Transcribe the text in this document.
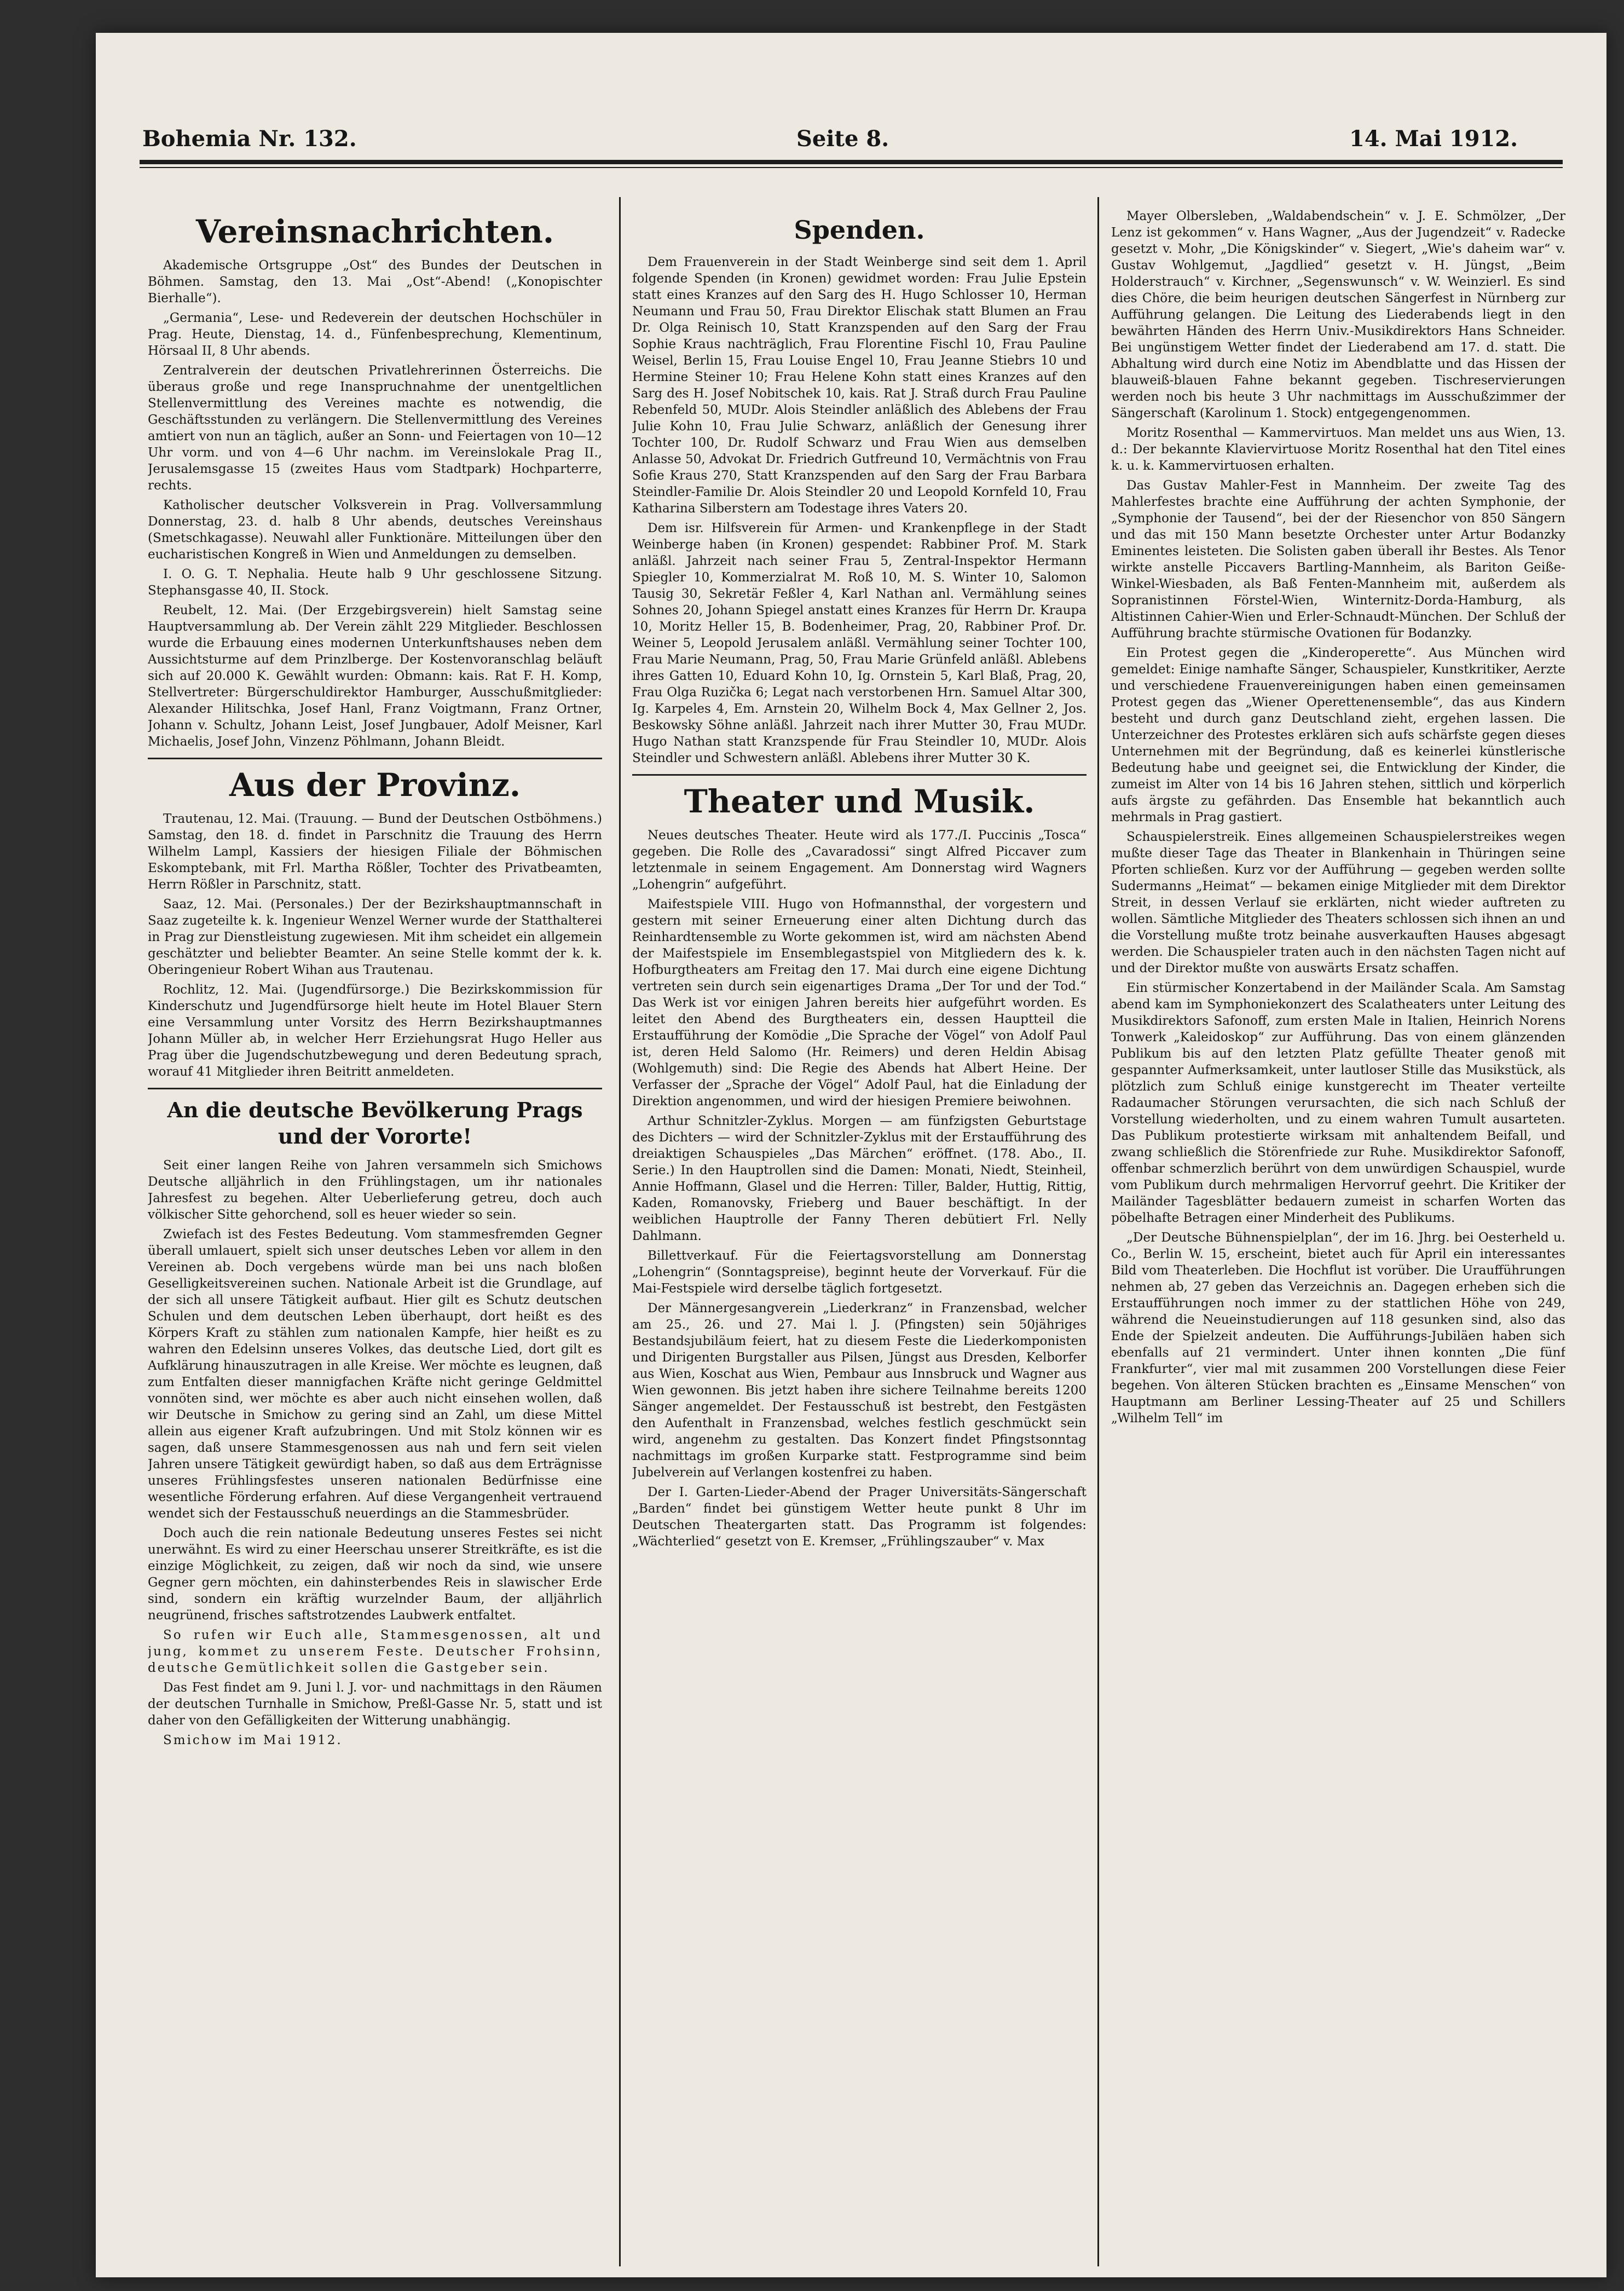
Bohemia Nr. 132.	Seite 8.	14. Mai 1912.

Vereinsnachrichten.

Akademische Ortsgruppe „Ost“ des Bundes der Deutschen in Böhmen. Samstag, den 13. Mai „Ost“-Abend! („Konopischter Bierhalle“).

„Germania“, Lese- und Redeverein der deutschen Hochschüler in Prag. Heute, Dienstag, 14. d., Fünfenbesprechung, Klementinum, Hörsaal II, 8 Uhr abends.

Zentralverein der deutschen Privatlehrerinnen Österreichs. Die überaus große und rege Inanspruchnahme der unentgeltlichen Stellenvermittlung des Vereines machte es notwendig, die Geschäftsstunden zu verlängern. Die Stellenvermittlung des Vereines amtiert von nun an täglich, außer an Sonn- und Feiertagen von 10—12 Uhr vorm. und von 4—6 Uhr nachm. im Vereinslokale Prag II., Jerusalemsgasse 15 (zweites Haus vom Stadtpark) Hochparterre, rechts.

Katholischer deutscher Volksverein in Prag. Vollversammlung Donnerstag, 23. d. halb 8 Uhr abends, deutsches Vereinshaus (Smetschkagasse). Neuwahl aller Funktionäre. Mitteilungen über den eucharistischen Kongreß in Wien und Anmeldungen zu demselben.

I. O. G. T. Nephalia. Heute halb 9 Uhr geschlossene Sitzung. Stephansgasse 40, II. Stock.

Reubelt, 12. Mai. (Der Erzgebirgsverein) hielt Samstag seine Hauptversammlung ab. Der Verein zählt 229 Mitglieder. Beschlossen wurde die Erbauung eines modernen Unterkunftshauses neben dem Aussichtsturme auf dem Prinzlberge. Der Kostenvoranschlag beläuft sich auf 20.000 K. Gewählt wurden: Obmann: kais. Rat F. H. Komp, Stellvertreter: Bürgerschuldirektor Hamburger, Ausschußmitglieder: Alexander Hilitschka, Josef Hanl, Franz Voigtmann, Franz Ortner, Johann v. Schultz, Johann Leist, Josef Jungbauer, Adolf Meisner, Karl Michaelis, Josef John, Vinzenz Pöhlmann, Johann Bleidt.

Aus der Provinz.

Trautenau, 12. Mai. (Trauung. — Bund der Deutschen Ostböhmens.) Samstag, den 18. d. findet in Parschnitz die Trauung des Herrn Wilhelm Lampl, Kassiers der hiesigen Filiale der Böhmischen Eskomptebank, mit Frl. Martha Rößler, Tochter des Privatbeamten, Herrn Rößler in Parschnitz, statt.

Saaz, 12. Mai. (Personales.) Der der Bezirkshauptmannschaft in Saaz zugeteilte k. k. Ingenieur Wenzel Werner wurde der Statthalterei in Prag zur Dienstleistung zugewiesen. Mit ihm scheidet ein allgemein geschätzter und beliebter Beamter. An seine Stelle kommt der k. k. Oberingenieur Robert Wihan aus Trautenau.

Rochlitz, 12. Mai. (Jugendfürsorge.) Die Bezirkskommission für Kinderschutz und Jugendfürsorge hielt heute im Hotel Blauer Stern eine Versammlung unter Vorsitz des Herrn Bezirkshauptmannes Johann Müller ab, in welcher Herr Erziehungsrat Hugo Heller aus Prag über die Jugendschutzbewegung und deren Bedeutung sprach, worauf 41 Mitglieder ihren Beitritt anmeldeten.

An die deutsche Bevölkerung Prags und der Vororte!

Seit einer langen Reihe von Jahren versammeln sich Smichows Deutsche alljährlich in den Frühlingstagen, um ihr nationales Jahresfest zu begehen. Alter Ueberlieferung getreu, doch auch völkischer Sitte gehorchend, soll es heuer wieder so sein.

Zwiefach ist des Festes Bedeutung. Vom stammesfremden Gegner überall umlauert, spielt sich unser deutsches Leben vor allem in den Vereinen ab. Doch vergebens würde man bei uns nach bloßen Geselligkeitsvereinen suchen. Nationale Arbeit ist die Grundlage, auf der sich all unsere Tätigkeit aufbaut. Hier gilt es Schutz deutschen Schulen und dem deutschen Leben überhaupt, dort heißt es des Körpers Kraft zu stählen zum nationalen Kampfe, hier heißt es zu wahren den Edelsinn unseres Volkes, das deutsche Lied, dort gilt es Aufklärung hinauszutragen in alle Kreise. Wer möchte es leugnen, daß zum Entfalten dieser mannigfachen Kräfte nicht geringe Geldmittel vonnöten sind, wer möchte es aber auch nicht einsehen wollen, daß wir Deutsche in Smichow zu gering sind an Zahl, um diese Mittel allein aus eigener Kraft aufzubringen. Und mit Stolz können wir es sagen, daß unsere Stammesgenossen aus nah und fern seit vielen Jahren unsere Tätigkeit gewürdigt haben, so daß aus dem Erträgnisse unseres Frühlingsfestes unseren nationalen Bedürfnisse eine wesentliche Förderung erfahren. Auf diese Vergangenheit vertrauend wendet sich der Festausschuß neuerdings an die Stammesbrüder.

Doch auch die rein nationale Bedeutung unseres Festes sei nicht unerwähnt. Es wird zu einer Heerschau unserer Streitkräfte, es ist die einzige Möglichkeit, zu zeigen, daß wir noch da sind, wie unsere Gegner gern möchten, ein dahinsterbendes Reis in slawischer Erde sind, sondern ein kräftig wurzelnder Baum, der alljährlich neugrünend, frisches saftstrotzendes Laubwerk entfaltet.

So rufen wir Euch alle, Stammesgenossen, alt und jung, kommet zu unserem Feste. Deutscher Frohsinn, deutsche Gemütlichkeit sollen die Gastgeber sein.

Das Fest findet am 9. Juni l. J. vor- und nachmittags in den Räumen der deutschen Turnhalle in Smichow, Preßl-Gasse Nr. 5, statt und ist daher von den Gefälligkeiten der Witterung unabhängig.

Smichow im Mai 1912.

Spenden.

Dem Frauenverein in der Stadt Weinberge sind seit dem 1. April folgende Spenden (in Kronen) gewidmet worden: Frau Julie Epstein statt eines Kranzes auf den Sarg des H. Hugo Schlosser 10, Herman Neumann und Frau 50, Frau Direktor Elischak statt Blumen an Frau Dr. Olga Reinisch 10, Statt Kranzspenden auf den Sarg der Frau Sophie Kraus nachträglich, Frau Florentine Fischl 10, Frau Pauline Weisel, Berlin 15, Frau Louise Engel 10, Frau Jeanne Stiebrs 10 und Hermine Steiner 10; Frau Helene Kohn statt eines Kranzes auf den Sarg des H. Josef Nobitschek 10, kais. Rat J. Straß durch Frau Pauline Rebenfeld 50, MUDr. Alois Steindler anläßlich des Ablebens der Frau Julie Kohn 10, Frau Julie Schwarz, anläßlich der Genesung ihrer Tochter 100, Dr. Rudolf Schwarz und Frau Wien aus demselben Anlasse 50, Advokat Dr. Friedrich Gutfreund 10, Vermächtnis von Frau Sofie Kraus 270, Statt Kranzspenden auf den Sarg der Frau Barbara Steindler-Familie Dr. Alois Steindler 20 und Leopold Kornfeld 10, Frau Katharina Silberstern am Todestage ihres Vaters 20.

Dem isr. Hilfsverein für Armen- und Krankenpflege in der Stadt Weinberge haben (in Kronen) gespendet: Rabbiner Prof. M. Stark anläßl. Jahrzeit nach seiner Frau 5, Zentral-Inspektor Hermann Spiegler 10, Kommerzialrat M. Roß 10, M. S. Winter 10, Salomon Tausig 30, Sekretär Feßler 4, Karl Nathan anl. Vermählung seines Sohnes 20, Johann Spiegel anstatt eines Kranzes für Herrn Dr. Kraupa 10, Moritz Heller 15, B. Bodenheimer, Prag, 20, Rabbiner Prof. Dr. Weiner 5, Leopold Jerusalem anläßl. Vermählung seiner Tochter 100, Frau Marie Neumann, Prag, 50, Frau Marie Grünfeld anläßl. Ablebens ihres Gatten 10, Eduard Kohn 10, Ig. Ornstein 5, Karl Blaß, Prag, 20, Frau Olga Ruzička 6; Legat nach verstorbenen Hrn. Samuel Altar 300, Ig. Karpeles 4, Em. Arnstein 20, Wilhelm Bock 4, Max Gellner 2, Jos. Beskowsky Söhne anläßl. Jahrzeit nach ihrer Mutter 30, Frau MUDr. Hugo Nathan statt Kranzspende für Frau Steindler 10, MUDr. Alois Steindler und Schwestern anläßl. Ablebens ihrer Mutter 30 K.

Theater und Musik.

Neues deutsches Theater. Heute wird als 177./I. Puccinis „Tosca“ gegeben. Die Rolle des „Cavaradossi“ singt Alfred Piccaver zum letztenmale in seinem Engagement. Am Donnerstag wird Wagners „Lohengrin“ aufgeführt.

Maifestspiele VIII. Hugo von Hofmannsthal, der vorgestern und gestern mit seiner Erneuerung einer alten Dichtung durch das Reinhardtensemble zu Worte gekommen ist, wird am nächsten Abend der Maifestspiele im Ensemblegastspiel von Mitgliedern des k. k. Hofburgtheaters am Freitag den 17. Mai durch eine eigene Dichtung vertreten sein durch sein eigenartiges Drama „Der Tor und der Tod.“ Das Werk ist vor einigen Jahren bereits hier aufgeführt worden. Es leitet den Abend des Burgtheaters ein, dessen Hauptteil die Erstaufführung der Komödie „Die Sprache der Vögel“ von Adolf Paul ist, deren Held Salomo (Hr. Reimers) und deren Heldin Abisag (Wohlgemuth) sind: Die Regie des Abends hat Albert Heine. Der Verfasser der „Sprache der Vögel“ Adolf Paul, hat die Einladung der Direktion angenommen, und wird der hiesigen Premiere beiwohnen.

Arthur Schnitzler-Zyklus. Morgen — am fünfzigsten Geburtstage des Dichters — wird der Schnitzler-Zyklus mit der Erstaufführung des dreiaktigen Schauspieles „Das Märchen“ eröffnet. (178. Abo., II. Serie.) In den Hauptrollen sind die Damen: Monati, Niedt, Steinheil, Annie Hoffmann, Glasel und die Herren: Tiller, Balder, Huttig, Rittig, Kaden, Romanovsky, Frieberg und Bauer beschäftigt. In der weiblichen Hauptrolle der Fanny Theren debütiert Frl. Nelly Dahlmann.

Billettverkauf. Für die Feiertagsvorstellung am Donnerstag „Lohengrin“ (Sonntagspreise), beginnt heute der Vorverkauf. Für die Mai-Festspiele wird derselbe täglich fortgesetzt.

Der Männergesangverein „Liederkranz“ in Franzensbad, welcher am 25., 26. und 27. Mai l. J. (Pfingsten) sein 50jähriges Bestandsjubiläum feiert, hat zu diesem Feste die Liederkomponisten und Dirigenten Burgstaller aus Pilsen, Jüngst aus Dresden, Kelborfer aus Wien, Koschat aus Wien, Pembaur aus Innsbruck und Wagner aus Wien gewonnen. Bis jetzt haben ihre sichere Teilnahme bereits 1200 Sänger angemeldet. Der Festausschuß ist bestrebt, den Festgästen den Aufenthalt in Franzensbad, welches festlich geschmückt sein wird, angenehm zu gestalten. Das Konzert findet Pfingstsonntag nachmittags im großen Kurparke statt. Festprogramme sind beim Jubelverein auf Verlangen kostenfrei zu haben.

Der I. Garten-Lieder-Abend der Prager Universitäts-Sängerschaft „Barden“ findet bei günstigem Wetter heute punkt 8 Uhr im Deutschen Theatergarten statt. Das Programm ist folgendes: „Wächterlied“ gesetzt von E. Kremser, „Frühlingszauber“ v. Max

Mayer Olbersleben, „Waldabendschein“ v. J. E. Schmölzer, „Der Lenz ist gekommen“ v. Hans Wagner, „Aus der Jugendzeit“ v. Radecke gesetzt v. Mohr, „Die Königskinder“ v. Siegert, „Wie's daheim war“ v. Gustav Wohlgemut, „Jagdlied“ gesetzt v. H. Jüngst, „Beim Holderstrauch“ v. Kirchner, „Segenswunsch“ v. W. Weinzierl. Es sind dies Chöre, die beim heurigen deutschen Sängerfest in Nürnberg zur Aufführung gelangen. Die Leitung des Liederabends liegt in den bewährten Händen des Herrn Univ.-Musikdirektors Hans Schneider. Bei ungünstigem Wetter findet der Liederabend am 17. d. statt. Die Abhaltung wird durch eine Notiz im Abendblatte und das Hissen der blauweiß-blauen Fahne bekannt gegeben. Tischreservierungen werden noch bis heute 3 Uhr nachmittags im Ausschußzimmer der Sängerschaft (Karolinum 1. Stock) entgegengenommen.

Moritz Rosenthal — Kammervirtuos. Man meldet uns aus Wien, 13. d.: Der bekannte Klaviervirtuose Moritz Rosenthal hat den Titel eines k. u. k. Kammervirtuosen erhalten.

Das Gustav Mahler-Fest in Mannheim. Der zweite Tag des Mahlerfestes brachte eine Aufführung der achten Symphonie, der „Symphonie der Tausend“, bei der der Riesenchor von 850 Sängern und das mit 150 Mann besetzte Orchester unter Artur Bodanzky Eminentes leisteten. Die Solisten gaben überall ihr Bestes. Als Tenor wirkte anstelle Piccavers Bartling-Mannheim, als Bariton Geiße-Winkel-Wiesbaden, als Baß Fenten-Mannheim mit, außerdem als Sopranistinnen Förstel-Wien, Winternitz-Dorda-Hamburg, als Altistinnen Cahier-Wien und Erler-Schnaudt-München. Der Schluß der Aufführung brachte stürmische Ovationen für Bodanzky.

Ein Protest gegen die „Kinderoperette“. Aus München wird gemeldet: Einige namhafte Sänger, Schauspieler, Kunstkritiker, Aerzte und verschiedene Frauenvereinigungen haben einen gemeinsamen Protest gegen das „Wiener Operettenensemble“, das aus Kindern besteht und durch ganz Deutschland zieht, ergehen lassen. Die Unterzeichner des Protestes erklären sich aufs schärfste gegen dieses Unternehmen mit der Begründung, daß es keinerlei künstlerische Bedeutung habe und geeignet sei, die Entwicklung der Kinder, die zumeist im Alter von 14 bis 16 Jahren stehen, sittlich und körperlich aufs ärgste zu gefährden. Das Ensemble hat bekanntlich auch mehrmals in Prag gastiert.

Schauspielerstreik. Eines allgemeinen Schauspielerstreikes wegen mußte dieser Tage das Theater in Blankenhain in Thüringen seine Pforten schließen. Kurz vor der Aufführung — gegeben werden sollte Sudermanns „Heimat“ — bekamen einige Mitglieder mit dem Direktor Streit, in dessen Verlauf sie erklärten, nicht wieder auftreten zu wollen. Sämtliche Mitglieder des Theaters schlossen sich ihnen an und die Vorstellung mußte trotz beinahe ausverkauften Hauses abgesagt werden. Die Schauspieler traten auch in den nächsten Tagen nicht auf und der Direktor mußte von auswärts Ersatz schaffen.

Ein stürmischer Konzertabend in der Mailänder Scala. Am Samstag abend kam im Symphoniekonzert des Scalatheaters unter Leitung des Musikdirektors Safonoff, zum ersten Male in Italien, Heinrich Norens Tonwerk „Kaleidoskop“ zur Aufführung. Das von einem glänzenden Publikum bis auf den letzten Platz gefüllte Theater genoß mit gespannter Aufmerksamkeit, unter lautloser Stille das Musikstück, als plötzlich zum Schluß einige kunstgerecht im Theater verteilte Radaumacher Störungen verursachten, die sich nach Schluß der Vorstellung wiederholten, und zu einem wahren Tumult ausarteten. Das Publikum protestierte wirksam mit anhaltendem Beifall, und zwang schließlich die Störenfriede zur Ruhe. Musikdirektor Safonoff, offenbar schmerzlich berührt von dem unwürdigen Schauspiel, wurde vom Publikum durch mehrmaligen Hervorruf geehrt. Die Kritiker der Mailänder Tagesblätter bedauern zumeist in scharfen Worten das pöbelhafte Betragen einer Minderheit des Publikums.

„Der Deutsche Bühnenspielplan“, der im 16. Jhrg. bei Oesterheld u. Co., Berlin W. 15, erscheint, bietet auch für April ein interessantes Bild vom Theaterleben. Die Hochflut ist vorüber. Die Uraufführungen nehmen ab, 27 geben das Verzeichnis an. Dagegen erheben sich die Erstaufführungen noch immer zu der stattlichen Höhe von 249, während die Neueinstudierungen auf 118 gesunken sind, also das Ende der Spielzeit andeuten. Die Aufführungs-Jubiläen haben sich ebenfalls auf 21 vermindert. Unter ihnen konnten „Die fünf Frankfurter“, vier mal mit zusammen 200 Vorstellungen diese Feier begehen. Von älteren Stücken brachten es „Einsame Menschen“ von Hauptmann am Berliner Lessing-Theater auf 25 und Schillers „Wilhelm Tell“ im
